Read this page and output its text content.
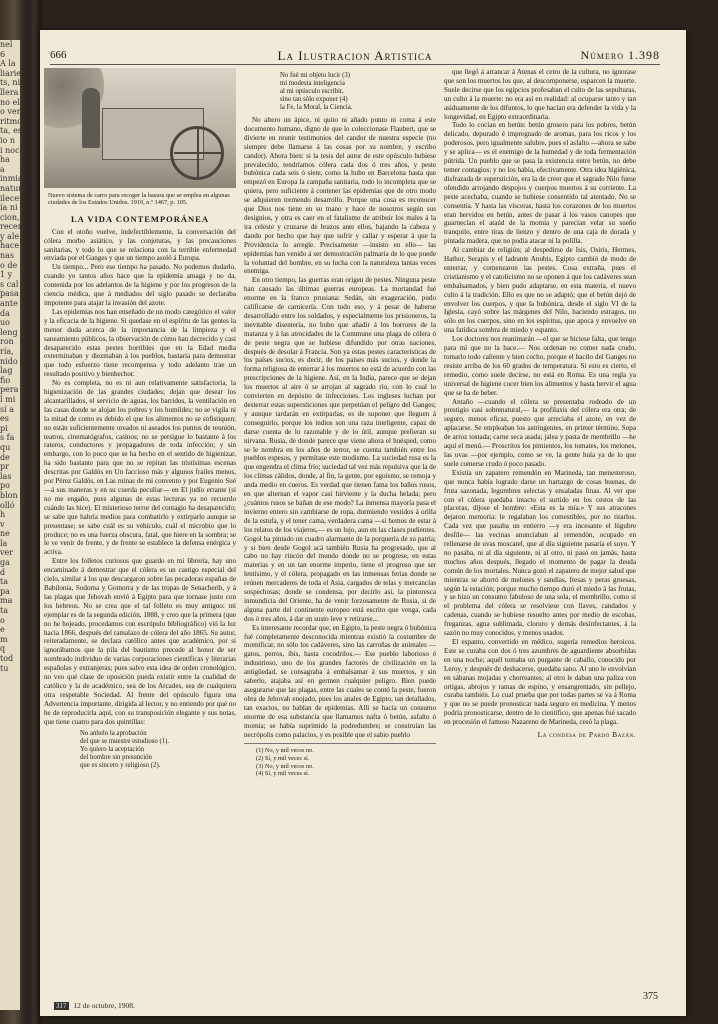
nel
6
A la
liarie
ts, ni
llera
no eli
o ven
ritmo
ta, es
io n
i noch
ha
a
inmia
naturs
ilecer
ía ni
cion,
recer
y ale
hace
nas
o de
1 y
s cal
pasa
ante
da
uo
leng
ron
ría,
nido
lag
fio
pera
l mi
sí a
es
pi
s fa
qu
de
pr
las
po
blon
olló
h
v
ne
la
ver
ga
d
ta
pa
ma
ta
o
e
m
q
tod
tu
666	La Ilustracion Artistica	Número 1.398
Nuevo sistema de carro para recoger la basura que se emplea en algunas ciudades de los Estados Unidos. 1910, n.º 1467, p. 105.
LA VIDA CONTEMPORÁNEA

Con el otoño vuelve, indefectiblemente, la conversación del cólera morbo asiático, y las conjeturas, y las precauciones sanitarias, y todo lo que se relaciona con la terrible enfermedad enviada por el Ganges y que un tiempo asoló á Europa.

Un tiempo... Pero ese tiempo ha pasado. No podemos dudarlo, cuando yo tantos años hace que la epidemia amaga y no da, contenida por los adelantos de la higiene y por los progresos de la ciencia médica, que á mediados del siglo pasado se declaraba impotente para atajar la invasión del azote.

Las epidemias nos han enseñado de un modo categórico el valor y la eficacia de la higiene. Si quedase en el espíritu de las gentes la menor duda acerca de la importancia de la limpieza y el saneamiento públicos, la observación de cómo han decrecido y casi desaparecido estas pestes horribles que en la Edad media exterminaban y diezmaban á los pueblos, bastaría para demostrar que todo esfuerzo tiene recompensa y todo adelanto trae un resultado positivo y bienhechor.

No es completa, no es ni aun relativamente satisfactoria, la higienización de las grandes ciudades; dejan que desear los alcantarillados, el servicio de aguas, los barridos, la ventilación en las casas donde se alojan los pobres y los humildes; no se vigila ni la mitad de como es debido el que los alimentos no se sofistiquen; no están suficientemente oreados ni aseados los puntos de reunión, teatros, cinematógrafos, casinos; no se persigue lo bastante á los rateros, conductores y propagadores de toda infección; y sin embargo, con lo poco que se ha hecho en el sentido de higienizar, ha sido bastante para que no se repitan las tristísimas escenas descritas por Galdós en Un faccioso más y algunos frailes menos, por Pérez Galdós, en Las ruinas de mi convento y por Eugenio Sué —á sus maneras y en su cuerda peculiar— en El judío errante (si no me engaño, pues algunas de estas lecturas ya no recuerdo cuándo las hice). El misterioso terror del contagio ha desaparecido; se sabe que habría medios para combatirlo y extirparlo aunque se presentase; se sabe cuál es su vehículo, cuál el microbio que lo produce; no es una fuerza obscura, fatal, que hiere en la sombra; se le ve venir de frente, y de frente se establece la defensa enérgica y activa.

Entre los folletos curiosos que guardo en mi librería, hay uno encaminado á demostrar que el cólera es un castigo especial del cielo, similar á los que descargaron sobre las pecadoras españas de Babilonia, Sodoma y Gomorra y de las tropas de Senacherib, y á las plagas que Jehovah envió á Egipto para que tornase justo con los hebreos. No se crea que el tal folleto es muy antiguo: mi ejemplar es de la segunda edición, 1888, y creo que la primera (que no he hojeado, procedamos con escrúpulo bibliográfico) vió la luz hacia 1866, después del ramalazo de cólera del año 1865. Su autor, reiteradamente, se declara católico antes que académico, por si ignorábamos que la pila del bautismo precede al honor de ser nombrado individuo de varias corporaciones científicas y literarias españolas y extranjeras; pues salvo esta idea de orden cronológico, no veo qué clase de oposición pueda existir entre la cualidad de católico y la de académico, sea de los Arcades, sea de cualquiera otra respetable Sociedad. Al frente del opúsculo figura una Advertencia importante, dirigida al lector, y no entiendo por qué no he de reproducirla aquí, con su transposición elegante y sus notas, que tiene cuatro para dos quintillas:

No anhelo la aprobación
del que se muestre estudioso (1).
Yo quiero la aceptación
del hombre sin presunción
que es sincero y religioso (2).
No fué mi objeto lucir (3)
mi modesta inteligencia
al mi opúsculo escribir,
sino tan sólo exponer (4)
la Fe, la Moral, la Ciencia.

No altero un ápice, ni quito ni añado punto ni coma á este documento humano, digno de que lo coleccionase Flaubert, que se divierte en reunir testimonios del candor de nuestra especie (no siempre debe llamarse á las cosas por su nombre, y escribo candor). Ahora bien: si la tesis del autor de este opúsculo hubiese prevalecido, tendríamos cólera cada dos ó tres años, y peste bubónica cada seis ó siete, como la hubo en Barcelona hasta que empezó en Europa la campaña sanitaria, todo lo incompleta que se quiera, pero suficiente á contener las epidemias que de otro modo se adquieren tremendo desarrollo. Porque una cosa es reconocer que Dios nos tiene en su mano y hace de nosotros según sus designios, y otra es caer en el fatalismo de atribuir los males á la ira celeste y cruzarse de brazos ante ellos, bajando la cabeza y dando por hecho que hay que sufrir y callar y esperar á que la Providencia lo arregle. Precisamente —insisto en ello— las epidemias han venido á ser demostración palmaria de lo que puede la voluntad del hombre, en su lucha con la naturaleza tantas veces enemiga.

En otro tiempo, las guerras eran origen de pestes. Ninguna peste han causado las últimas guerras europeas. La mortandad fué enorme en la franco prusiana: Sedán, sin exageración, pudo calificarse de carnicería. Con todo eso, y á pesar de haberse desarrollado entre los soldados, y especialmente los prisioneros, la inevitable disentería, no hubo que añadir á los horrores de la matanza y á las atrocidades de la Commune una plaga de cólera ó de peste negra que se hubiese difundido por otras naciones, después de desolar á Francia. Son ya estas pestes características de los países sucios, es decir, de los países más sucios, y donde la forma religiosa de enterrar á los muertos no está de acuerdo con las prescripciones de la higiene. Así, en la India, parece que se dejan los muertos al aire ó se arrojan al sagrado río, con lo cual lo convierten en depósito de infecciones. Los ingleses luchan por desterrar estas supersticiones que perpetúan el peligro del Ganges; y aunque tardarán en extirparlas, es de suponer que lleguen á conseguirlo, porque los indios son una raza inteligente, capaz de darse cuenta de lo razonable y de lo útil, aunque prefieran su nirvana. Rusia, de donde parece que viene ahora el huésped, como se le nombra en los años de terror, se cuenta también entre los pueblos espesos, y permítase este modismo. La suciedad rusa es la que engendra el clima frío; suciedad tal vez más repulsiva que la de los climas cálidos, donde, al fin, la gente, por egoísmo, se remoja y anda medio en cueros. Es verdad que tienen fama los baños rusos, en que alternan el vapor casi hirviente y la ducha helada; pero ¿cuántos rusos se bañan de ese modo? La inmensa mayoría pasa el invierno entero sin cambiarse de ropa, durmiendo vestidos á orilla de la estufa, y el tener cama, verdadera cama —si hemos de estar á los relatos de los viajeros,— es un lujo, aun en las clases pudientes. Gogol ha pintado un cuadro alarmante de la porquería de su patria; y si bien desde Gogol acá también Rusia ha progresado, que al cabo no hay rincón del mundo donde no se progrese, en estas materias y en un tan enorme imperio, tiene el progreso que ser lentísimo, y el cólera, propagado en las inmensas ferias donde se reúnen mercaderes de toda el Asia, cargados de telas y mercancías sospechosas; donde se condensa, por decirlo así, la pintoresca inmundicia del Oriente, ha de venir forzosamente de Rusia, si de alguna parte del continente europeo está escrito que venga, cada dos ó tres años, á dar un susto leve y retirarse...

Es interesante recordar que, en Egipto, la peste negra ó bubónica fué completamente desconocida mientras existió la costumbre de momificar, no sólo los cadáveres, sino las carroñas de animales —gatos, perros, ibis, hasta cocodrilos.— Ese pueblo laborioso é industrioso, uno de los grandes factores de civilización en la antigüedad, se consagraba á embalsamar á sus muertos, y sin saberlo, atajaba así en germen cualquier peligro. Bien puede asegurarse que las plagas, entre las cuales se contó la peste, fueron obra de Jehovah enojado, pues los anales de Egipto, tan detallados, tan exactos, no hablan de epidemias. Allí se hacía un consumo enorme de esa substancia que llamamos nafta ó betún, asfalto ó momia; se había suprimido la podredumbre; se construían las necrópolis como palacios, y es posible que el sabio pueblo

(1) No, y mil veces no.
(2) Sí, y mil veces sí.
(3) No, y mil veces no.
(4) Sí, y mil veces sí.

que llegó á arrancar á Atenas el cetro de la cultura, no ignorase que son los muertos los que, al descomponerse, esparcen la muerte. Suele decirse que los egipcios profesaban el culto de las sepulturas, un culto á la muerte: no era así en realidad: al ocuparse tanto y tan asiduamente de los difuntos, lo que hacían era defender la vida y la longevidad, en Egipto extraordinaria.

Todo lo cocían en betún: betún grosero para los pobres, betún delicado, depurado é impregnado de aromas, para los ricos y los poderosos, pero igualmente salubre, pues el asfalto —ahora se sabe y se aplica— es el enemigo de la humedad y de toda fermentación pútrida. Un pueblo que se pasa la existencia entre betún, no debe temer contagios; y no los había, efectivamente. Otra idea higiénica, disfrazada de superstición, era la de creer que el sagrado Nilo fuese ofendido arrojando despojos y cuerpos muertos á su corriente. La peste acechaba, cuando se hubiese consentido tal atentado. No se consentía. Y hasta las vísceras, hasta los corazones de los muertos eran hervidos en betún, antes de pasar á los vasos canopes que guarnecían el ataúd de la momia y parecían velar su sueño tranquilo, entre tiras de lienzo y dentro de una caja de dorada y pintada madera, que no podía atacar ni la polilla.

Al cambiar de religión; al despedirse de Isis, Osiris, Hermes, Hathor, Serapis y el ladrante Anubis, Egipto cambió de modo de enterrar, y comenzaron las pestes. Cosa extraña, pues el cristianismo y el catolicismo no se oponen á que los cadáveres sean embalsamados, y bien pudo adaptarse, en esta materia, el nuevo culto á la tradición. Ello es que no se adaptó; que el betún dejó de envolver los cuerpos, y que la bubónica, desde el siglo VI de la Iglesia, cayó sobre las márgenes del Nilo, haciendo estragos, no sólo en los cuerpos, sino en los espíritus, que apoca y envuelve en una fatídica sombra de miedo y espanto.

Los doctores nos reanimarán —el que se hiciese falta, que tengo para mí que no la hace.— Nos ordenan no comer nada crudo, tomarlo todo caliente y bien cocho, porque el bacilo del Ganges no resiste arriba de los 60 grados de temperatura. Si esto es cierto, el remedio, como suele decirse, no está en Roma. Es una regla ya universal de higiene cocer bien los alimentos y hasta hervir el agua que se ha de beber.

Antaño —cuando el cólera se presentaba rodeado de un prestigio casi sobrenatural,— la profilaxis del cólera era otra; de seguro, menos eficaz, puesto que arreciaba el azote, en vez de aplacarse. Se empleaban los astringentes, en primer término. Sopa de arroz tostada; carne seca asada; jalea y pasta de membrillo —he aquí el menú.— Proscritos los pimientos, los tomates, los melones, las uvas —por ejemplo, como se ve, la gente huía ya de lo que suele comerse crudo ó poco pasado.

Existía un zapatero remendón en Marineda, tan menesteroso, que nunca había logrado darse un hartazgo de cosas buenas, de fruta sazonada, legumbres selectas y ensaladas finas. Al ver que con el cólera quedaba intacto el surtido en los cestos de las placeras, díjose el hombre: «Esta es la mía.» Y sus atracones dejaron memoria: le regalaban los comestibles, por no tirarlos. Cada vez que pasaba un entierro —y era incesante el lúgubre desfile— las vecinas anunciaban al remendón, ocupado en rellenarse de uvas moscatel, que al día siguiente pasaría el suyo. Y no pasaba, ni al día siguiente, ni al otro, ni pasó en jamás, hasta muchos años después, llegado el momento de pagar la deuda común de los mortales. Nunca gozó el zapatero de mejor salud que mientras se ahorró de melones y sandías, fresas y peras gruesas, según la estación; porque mucho tiempo duró el miedo á las frutas, y se hizo un consumo fabuloso de una sola, el membrillo, como si el problema del cólera se resolviese con llaves, candados y cadenas, cuando se hubiese resuelto antes por medio de escobas, freganzas, agua sublimada, cloruro y demás desinfectantes, á la sazón no muy conocidos, y menos usados.

El espanto, convertido en médico, sugería remedios heroicos. Este se curaba con dos ó tres azumbres de aguardiente absorbidas en una noche; aquél tomaba un purgante de caballo, conocido por Leroy, y después de deshacerse, quedaba sano. Al uno le envolvían en sábanas mojadas y chorreantes; al otro le daban una paliza con ortigas, abrojos y ramas de espino, y ensangrentado, sin pellejo, curaba también. Lo cual prueba que por todas partes se va á Roma y que no se puede pronosticar nada seguro en medicina. Y menos podría pronosticarse, dentro de lo científico, que apenas fué sacado en procesión el famoso Nazareno de Marineda, cesó la plaga.

La condesa de Pardo Bazán.
317 12 de octubre, 1908.
375
